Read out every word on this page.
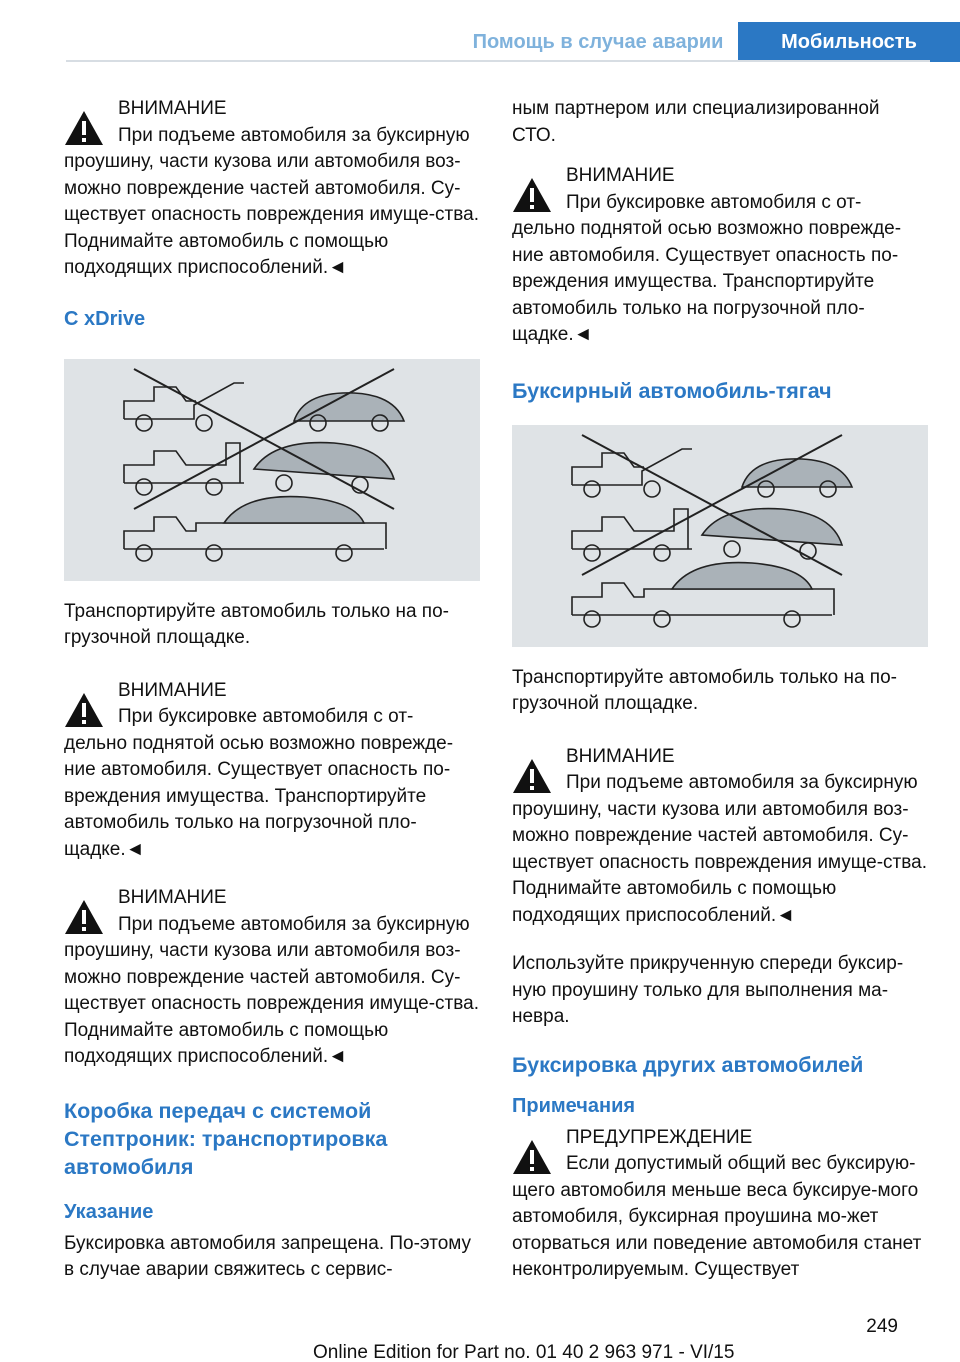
Помощь в случае аварии	Мобильность
ВНИМАНИЕ
При подъеме автомобиля за буксирную
проушину, части кузова или автомобиля воз-можно повреждение частей автомобиля. Су-ществует опасность повреждения имуще-ства. Поднимайте автомобиль с помощью подходящих приспособлений.◄
С xDrive
Транспортируйте автомобиль только на по-грузочной площадке.
ВНИМАНИЕ
При буксировке автомобиля с от-
дельно поднятой осью возможно поврежде-ние автомобиля. Существует опасность по-вреждения имущества. Транспортируйте автомобиль только на погрузочной пло-щадке.◄
ВНИМАНИЕ
При подъеме автомобиля за буксирную
проушину, части кузова или автомобиля воз-можно повреждение частей автомобиля. Су-ществует опасность повреждения имуще-ства. Поднимайте автомобиль с помощью подходящих приспособлений.◄
Коробка передач с системой Стептроник: транспортировка автомобиля
Указание
Буксировка автомобиля запрещена. По-этому в случае аварии свяжитесь с сервис-
ным партнером или специализированной СТО.
ВНИМАНИЕ
При буксировке автомобиля с от-
дельно поднятой осью возможно поврежде-ние автомобиля. Существует опасность по-вреждения имущества. Транспортируйте автомобиль только на погрузочной пло-щадке.◄
Буксирный автомобиль-тягач
Транспортируйте автомобиль только на по-грузочной площадке.
ВНИМАНИЕ
При подъеме автомобиля за буксирную
проушину, части кузова или автомобиля воз-можно повреждение частей автомобиля. Су-ществует опасность повреждения имуще-ства. Поднимайте автомобиль с помощью подходящих приспособлений.◄
Используйте прикрученную спереди буксир-ную проушину только для выполнения ма-невра.
Буксировка других автомобилей
Примечания
ПРЕДУПРЕЖДЕНИЕ
Если допустимый общий вес буксирую-
щего автомобиля меньше веса буксируе-мого автомобиля, буксирная проушина мо-жет оторваться или поведение автомобиля станет неконтролируемым. Существует
249
Online Edition for Part no. 01 40 2 963 971 - VI/15
